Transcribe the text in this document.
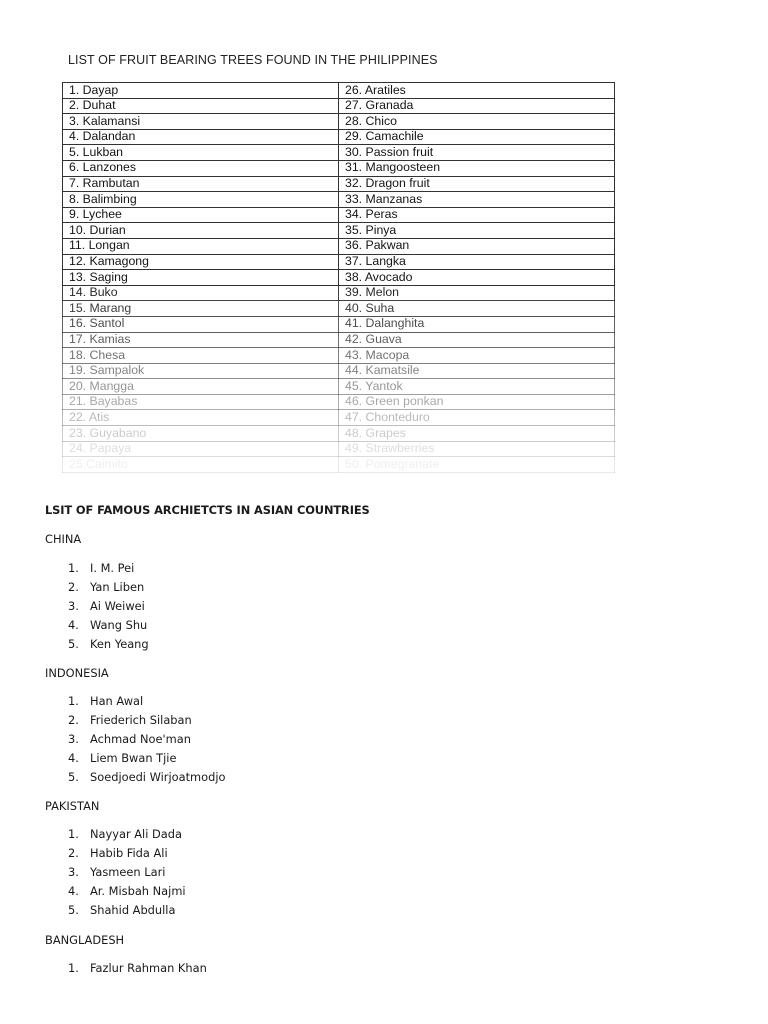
LIST OF FRUIT BEARING TREES FOUND IN THE PHILIPPINES
1. Dayap	26. Aratiles
2. Duhat	27. Granada
3. Kalamansi	28. Chico
4. Dalandan	29. Camachile
5. Lukban	30. Passion fruit
6. Lanzones	31. Mangoosteen
7. Rambutan	32. Dragon fruit
8. Balimbing	33. Manzanas
9. Lychee	34. Peras
10. Durian	35. Pinya
11. Longan	36. Pakwan
12. Kamagong	37. Langka
13. Saging	38. Avocado
14. Buko	39. Melon
15. Marang	40. Suha
16. Santol	41. Dalanghita
17. Kamias	42. Guava
18. Chesa	43. Macopa
19. Sampalok	44. Kamatsile
20. Mangga	45. Yantok
21. Bayabas	46. Green ponkan
22. Atis	47. Chonteduro
23. Guyabano	48. Grapes
24. Papaya	49. Strawberries
25.Caimito	50. Pomegranate
LSIT OF FAMOUS ARCHIETCTS IN ASIAN COUNTRIES
CHINA
1. I. M. Pei
2. Yan Liben
3. Ai Weiwei
4. Wang Shu
5. Ken Yeang
INDONESIA
1. Han Awal
2. Friederich Silaban
3. Achmad Noe'man
4. Liem Bwan Tjie
5. Soedjoedi Wirjoatmodjo
PAKISTAN
1. Nayyar Ali Dada
2. Habib Fida Ali
3. Yasmeen Lari
4. Ar. Misbah Najmi
5. Shahid Abdulla
BANGLADESH
1. Fazlur Rahman Khan
